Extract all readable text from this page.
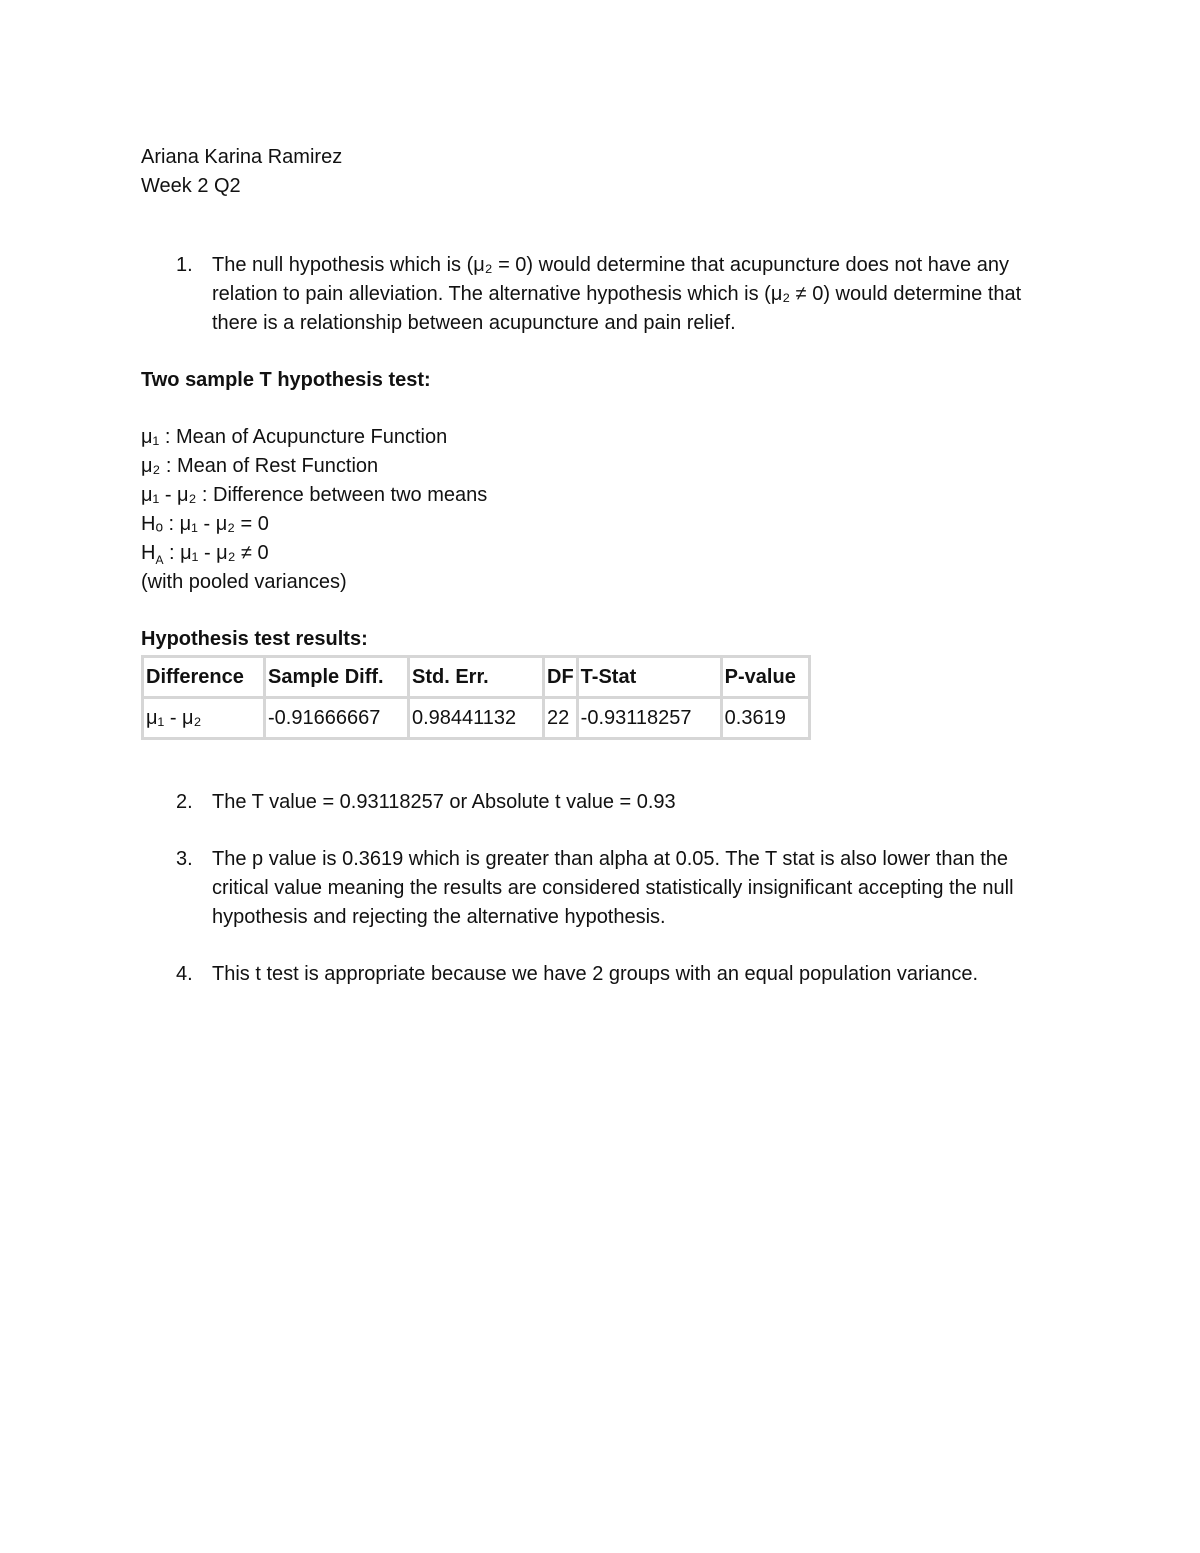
Ariana Karina Ramirez
Week 2 Q2
1. The null hypothesis which is (μ₂ = 0) would determine that acupuncture does not have any relation to pain alleviation. The alternative hypothesis which is (μ₂ ≠ 0) would determine that there is a relationship between acupuncture and pain relief.
Two sample T hypothesis test:
μ₁ : Mean of Acupuncture Function
μ₂ : Mean of Rest Function
μ₁ - μ₂ : Difference between two means
Hₒ : μ₁ - μ₂ = 0
$H_A$ : μ₁ - μ₂ ≠ 0
(with pooled variances)
Hypothesis test results:
Difference	Sample Diff.	Std. Err.	DF	T-Stat	P-value
μ₁ - μ₂	-0.91666667	0.98441132	22	-0.93118257	0.3619
2. The T value = 0.93118257 or Absolute t value = 0.93
3. The p value is 0.3619 which is greater than alpha at 0.05. The T stat is also lower than the critical value meaning the results are considered statistically insignificant accepting the null hypothesis and rejecting the alternative hypothesis.
4. This t test is appropriate because we have 2 groups with an equal population variance.
